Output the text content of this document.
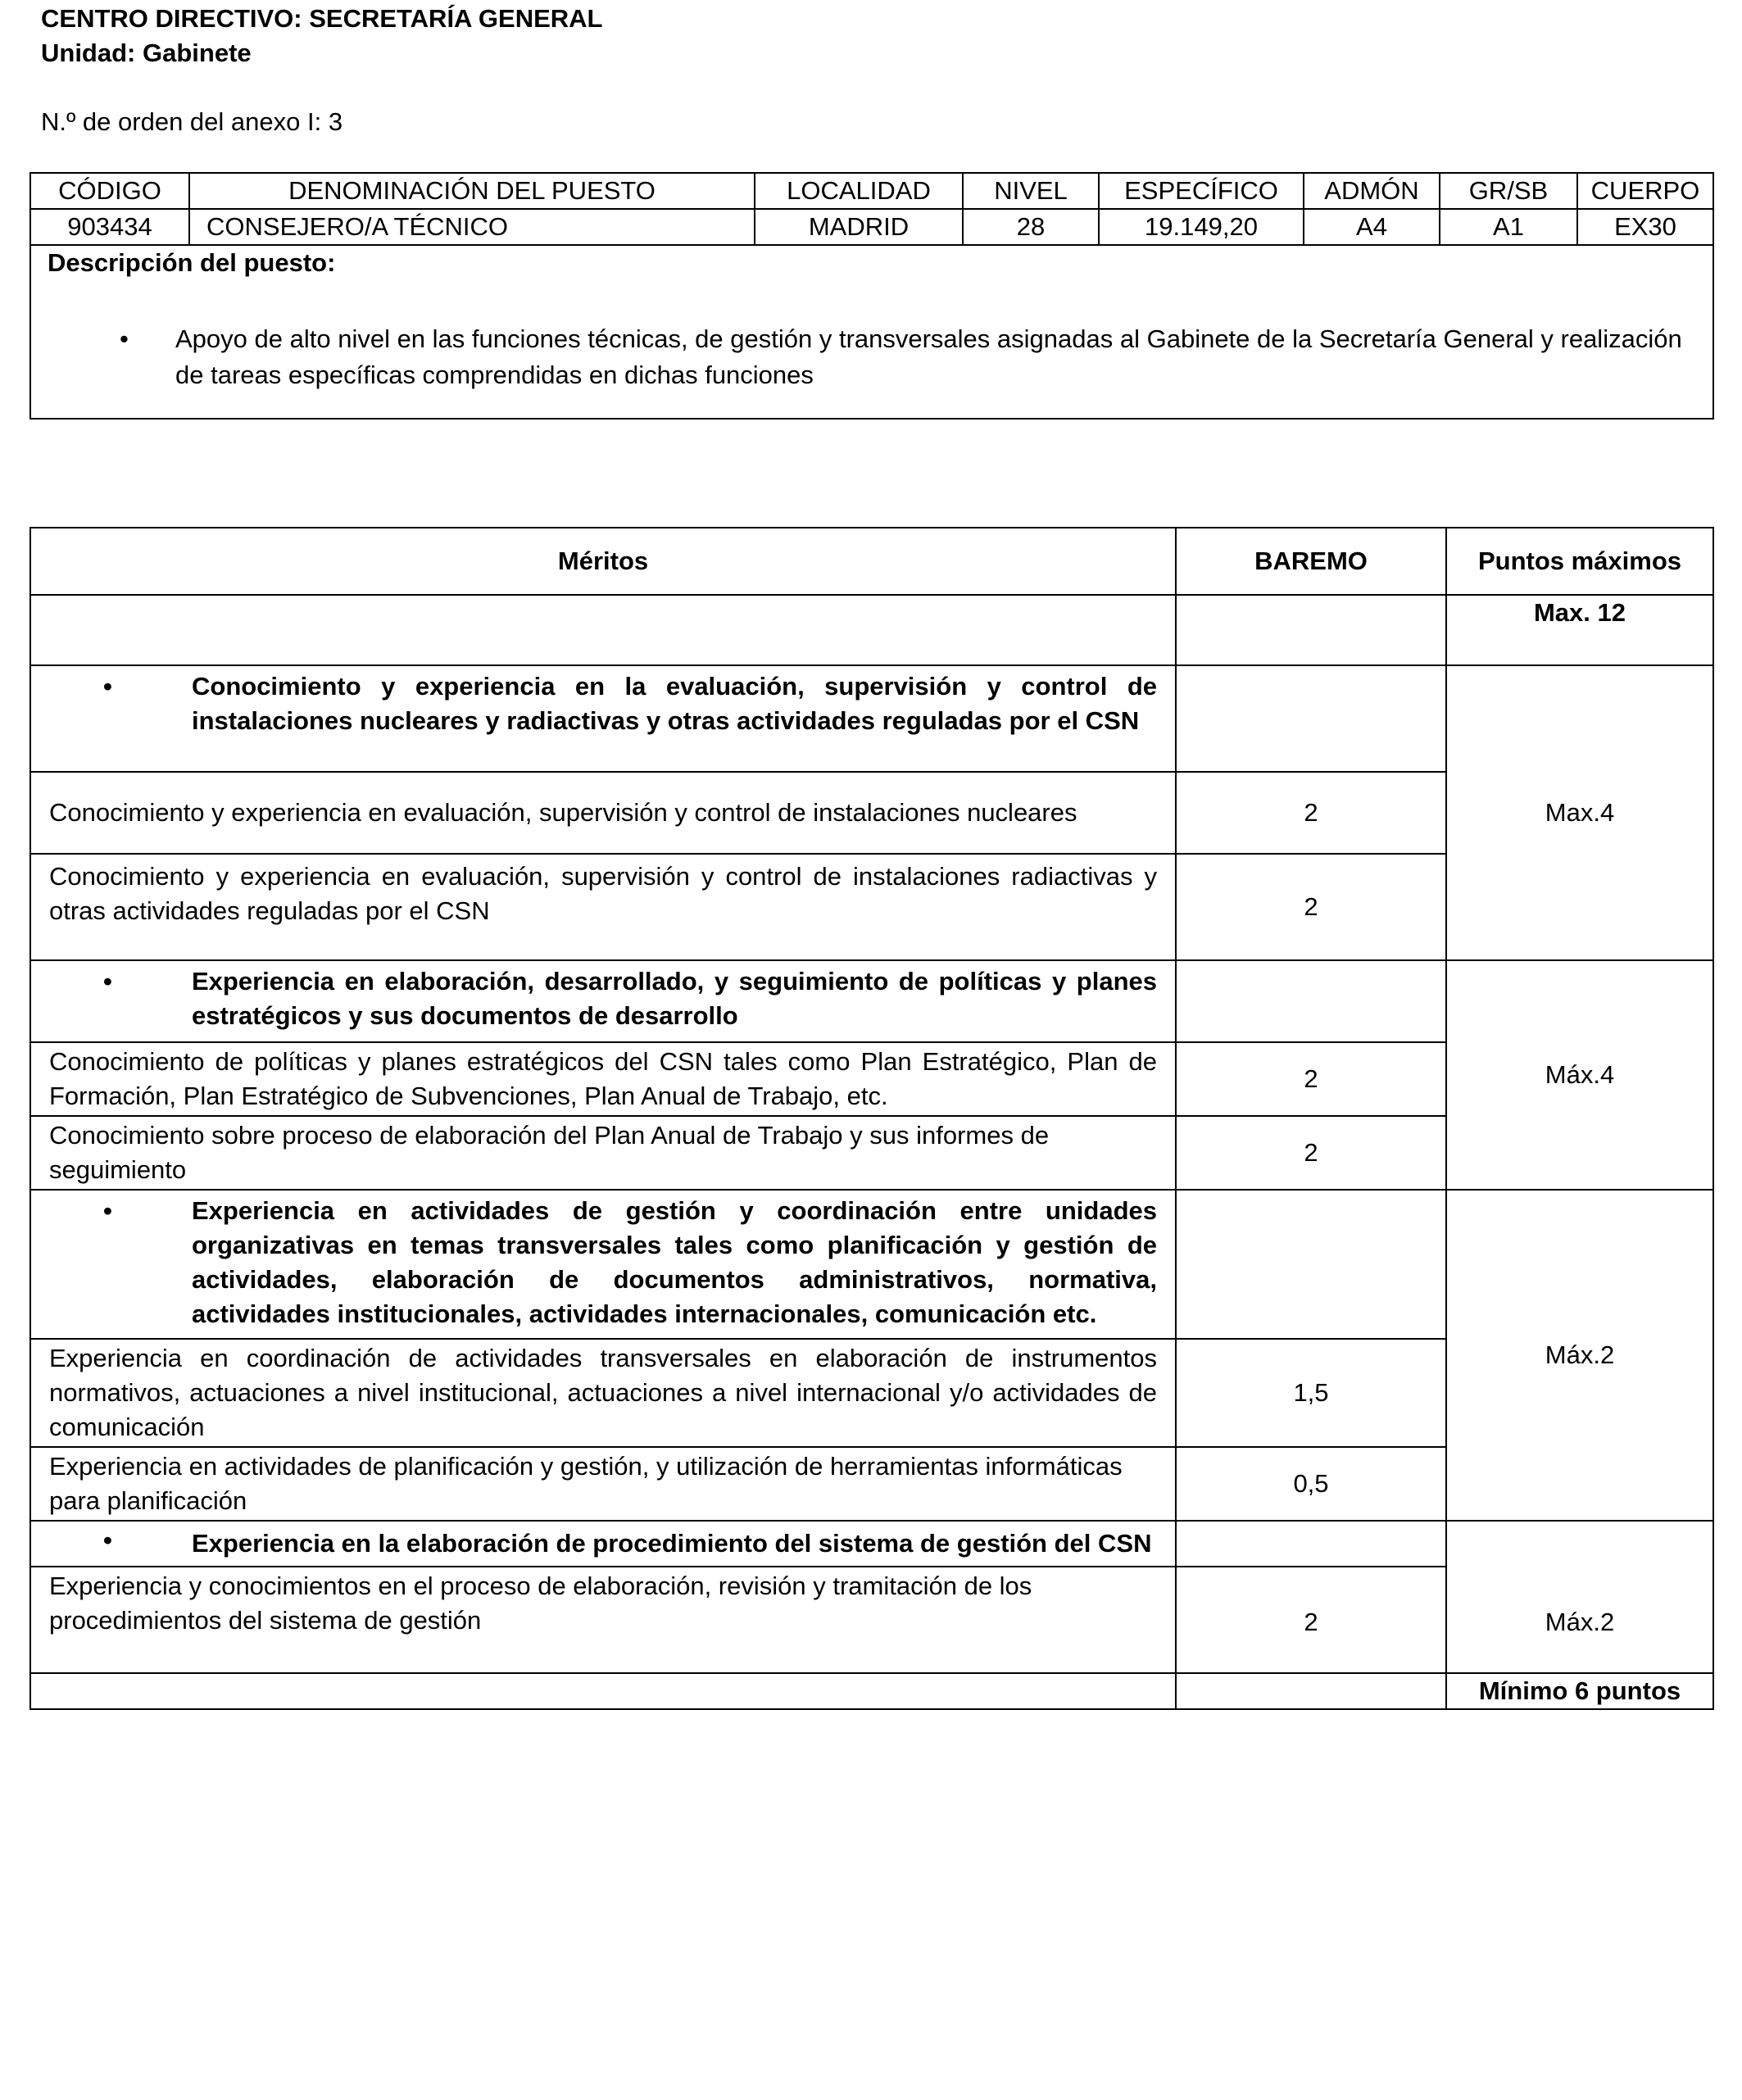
CENTRO DIRECTIVO: SECRETARÍA GENERAL
Unidad: Gabinete
N.º de orden del anexo I: 3
CÓDIGO	DENOMINACIÓN DEL PUESTO	LOCALIDAD	NIVEL	ESPECÍFICO	ADMÓN	GR/SB	CUERPO
903434	CONSEJERO/A TÉCNICO	MADRID	28	19.149,20	A4	A1	EX30

Descripción del puesto:
• Apoyo de alto nivel en las funciones técnicas, de gestión y transversales asignadas al Gabinete de la Secretaría General y realización de tareas específicas comprendidas en dichas funciones							
Méritos	BAREMO	Puntos máximos
		Max. 12

• Conocimiento y experiencia en la evaluación, supervisión y control de instalaciones nucleares y radiactivas y otras actividades reguladas por el CSN		Max.4
Conocimiento y experiencia en evaluación, supervisión y control de instalaciones nucleares	2	
Conocimiento y experiencia en evaluación, supervisión y control de instalaciones radiactivas y otras actividades reguladas por el CSN	2	

• Experiencia en elaboración, desarrollado, y seguimiento de políticas y planes estratégicos y sus documentos de desarrollo		Máx.4
Conocimiento de políticas y planes estratégicos del CSN tales como Plan Estratégico, Plan de Formación, Plan Estratégico de Subvenciones, Plan Anual de Trabajo, etc.	2	
Conocimiento sobre proceso de elaboración del Plan Anual de Trabajo y sus informes de seguimiento	2	

• Experiencia en actividades de gestión y coordinación entre unidades organizativas en temas transversales tales como planificación y gestión de actividades, elaboración de documentos administrativos, normativa, actividades institucionales, actividades internacionales, comunicación etc.		Máx.2
Experiencia en coordinación de actividades transversales en elaboración de instrumentos normativos, actuaciones a nivel institucional, actuaciones a nivel internacional y/o actividades de comunicación	1,5	
Experiencia en actividades de planificación y gestión, y utilización de herramientas informáticas para planificación	0,5	

• Experiencia en la elaboración de procedimiento del sistema de gestión del CSN		Máx.2
Experiencia y conocimientos en el proceso de elaboración, revisión y tramitación de los procedimientos del sistema de gestión	2	
		Mínimo 6 puntos
